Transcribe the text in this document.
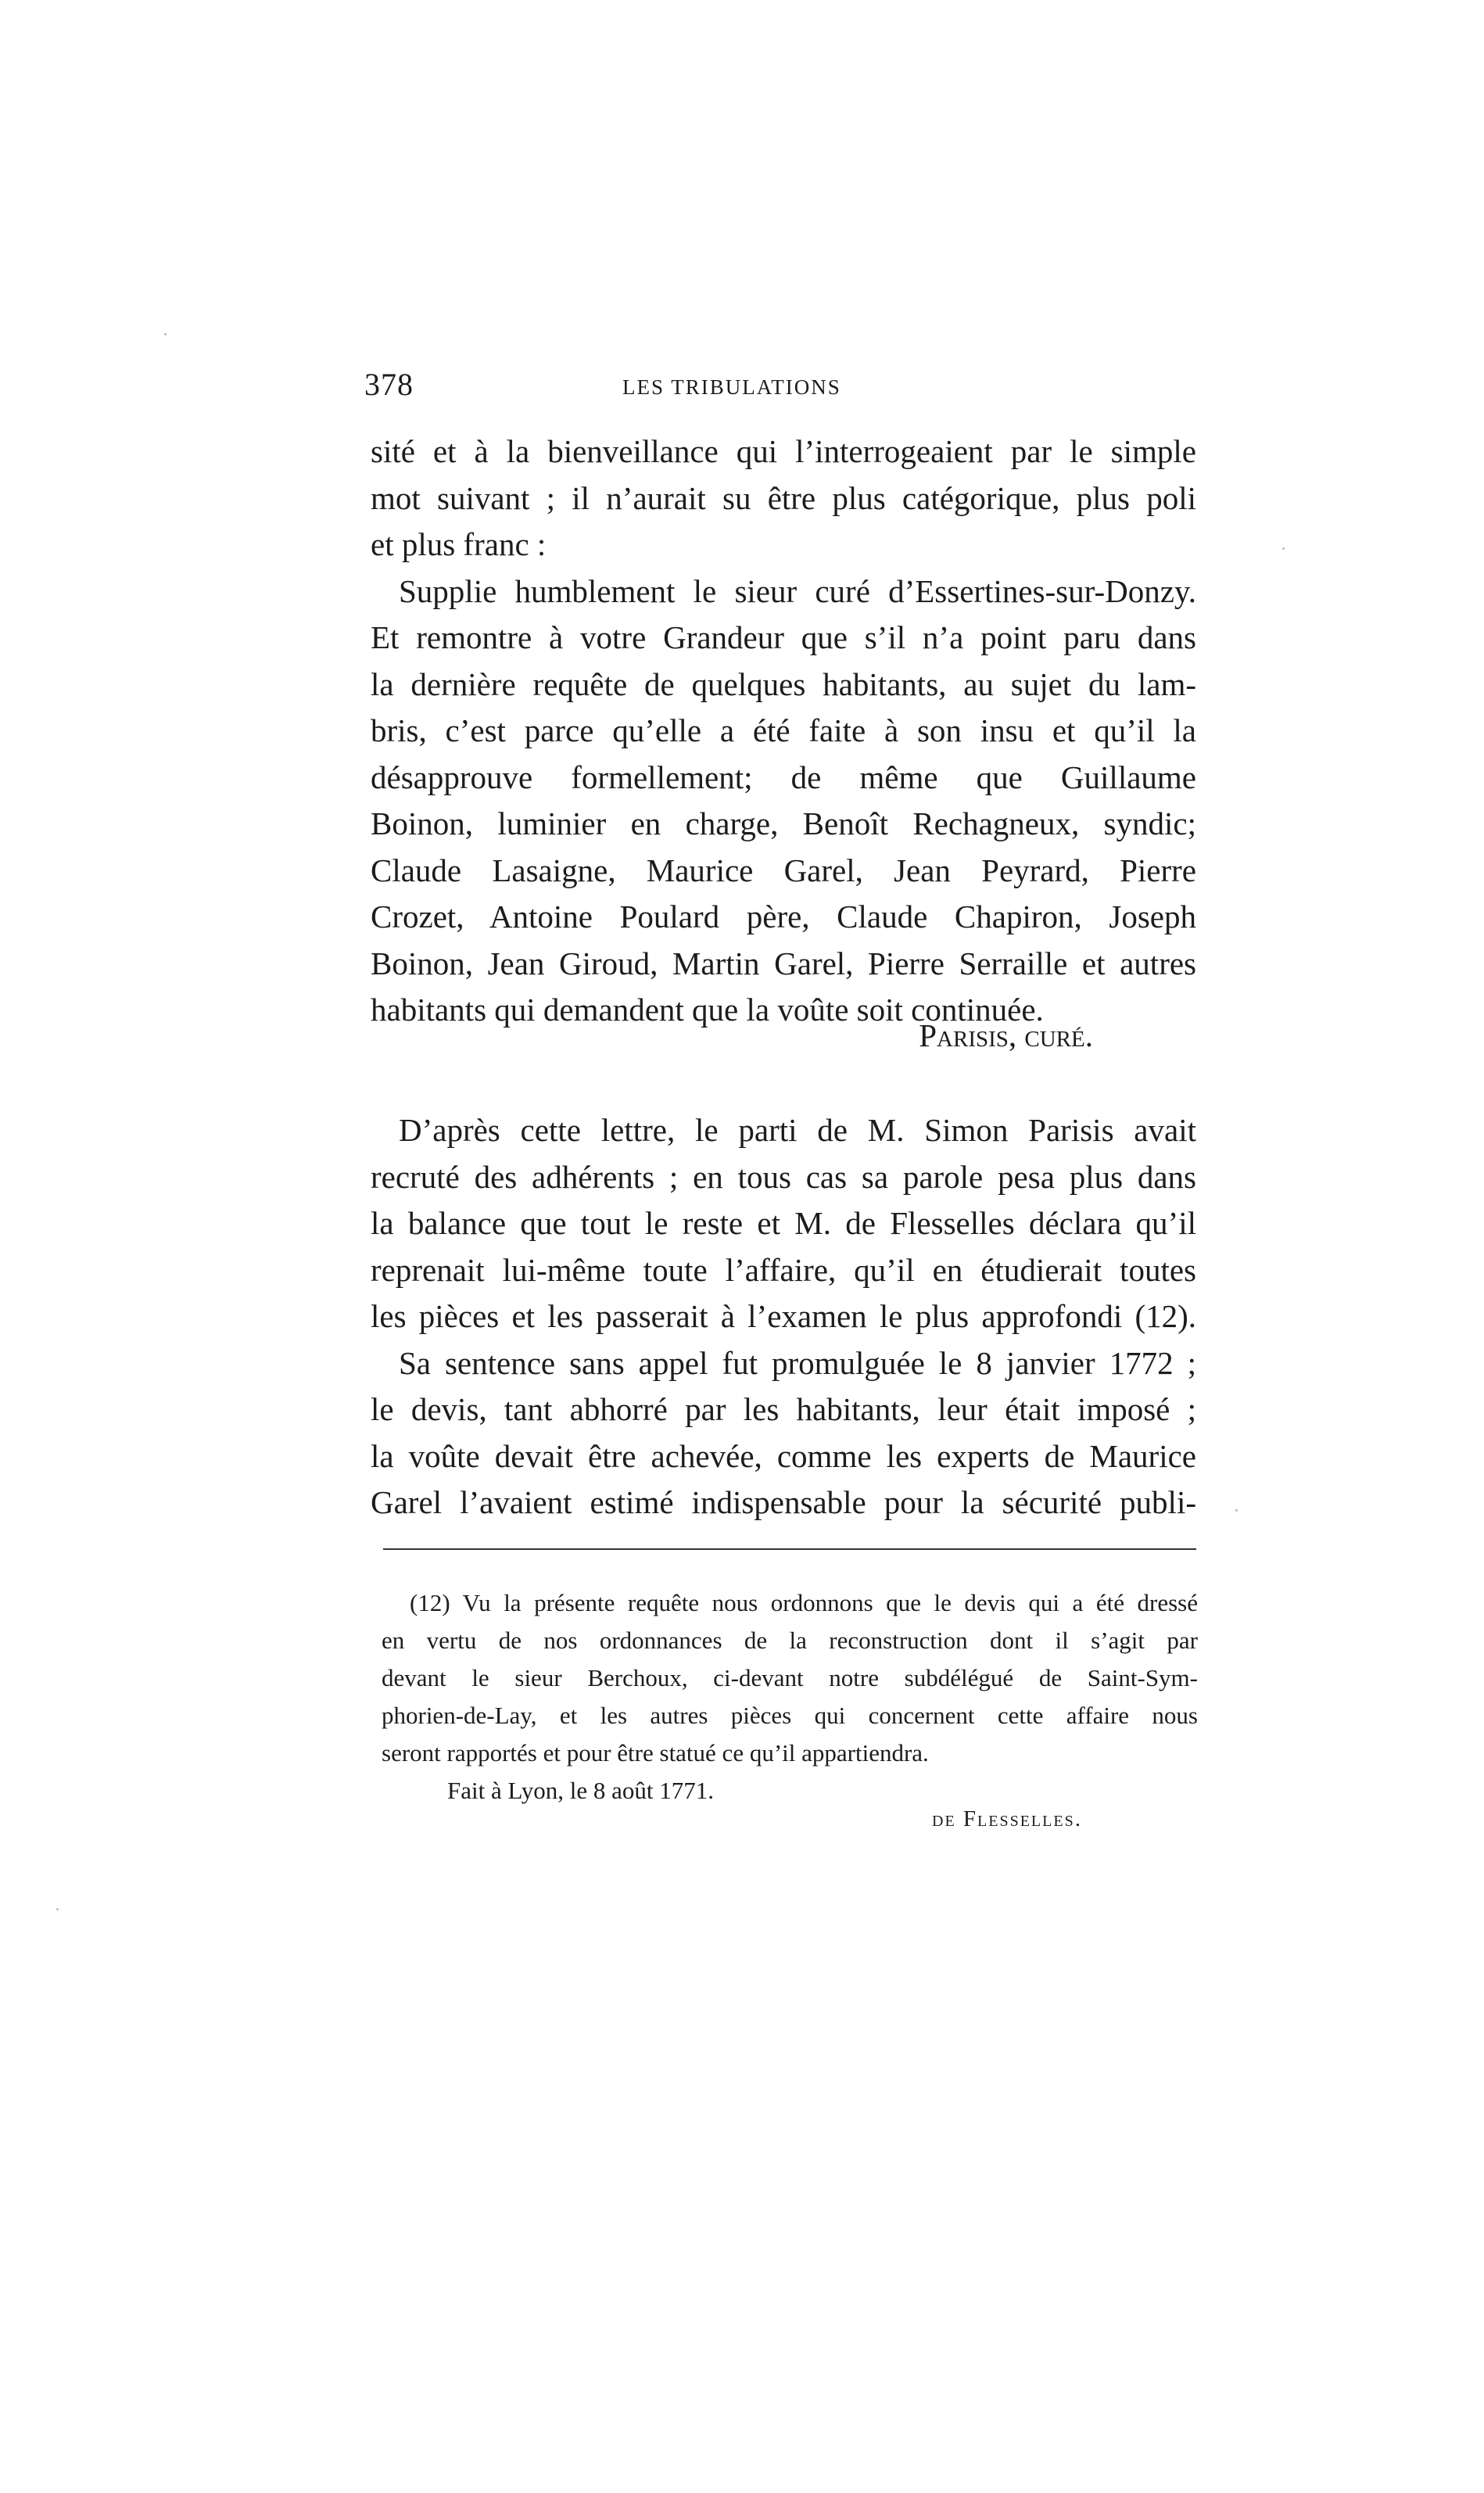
378	LES TRIBULATIONS
sité et à la bienveillance qui l’interrogeaient par le simple
mot suivant ; il n’aurait su être plus catégorique, plus poli
et plus franc :
Supplie humblement le sieur curé d’Essertines-sur-Donzy.
Et remontre à votre Grandeur que s’il n’a point paru dans
la dernière requête de quelques habitants, au sujet du lam-
bris, c’est parce qu’elle a été faite à son insu et qu’il la
désapprouve formellement; de même que Guillaume
Boinon, luminier en charge, Benoît Rechagneux, syndic;
Claude Lasaigne, Maurice Garel, Jean Peyrard, Pierre
Crozet, Antoine Poulard père, Claude Chapiron, Joseph
Boinon, Jean Giroud, Martin Garel, Pierre Serraille et autres
habitants qui demandent que la voûte soit continuée.
Parisis, curé.
D’après cette lettre, le parti de M. Simon Parisis avait
recruté des adhérents ; en tous cas sa parole pesa plus dans
la balance que tout le reste et M. de Flesselles déclara qu’il
reprenait lui-même toute l’affaire, qu’il en étudierait toutes
les pièces et les passerait à l’examen le plus approfondi (12).
Sa sentence sans appel fut promulguée le 8 janvier 1772 ;
le devis, tant abhorré par les habitants, leur était imposé ;
la voûte devait être achevée, comme les experts de Maurice
Garel l’avaient estimé indispensable pour la sécurité publi-
(12) Vu la présente requête nous ordonnons que le devis qui a été dressé
en vertu de nos ordonnances de la reconstruction dont il s’agit par
devant le sieur Berchoux, ci-devant notre subdélégué de Saint-Sym-
phorien-de-Lay, et les autres pièces qui concernent cette affaire nous
seront rapportés et pour être statué ce qu’il appartiendra.
Fait à Lyon, le 8 août 1771.
de Flesselles.
